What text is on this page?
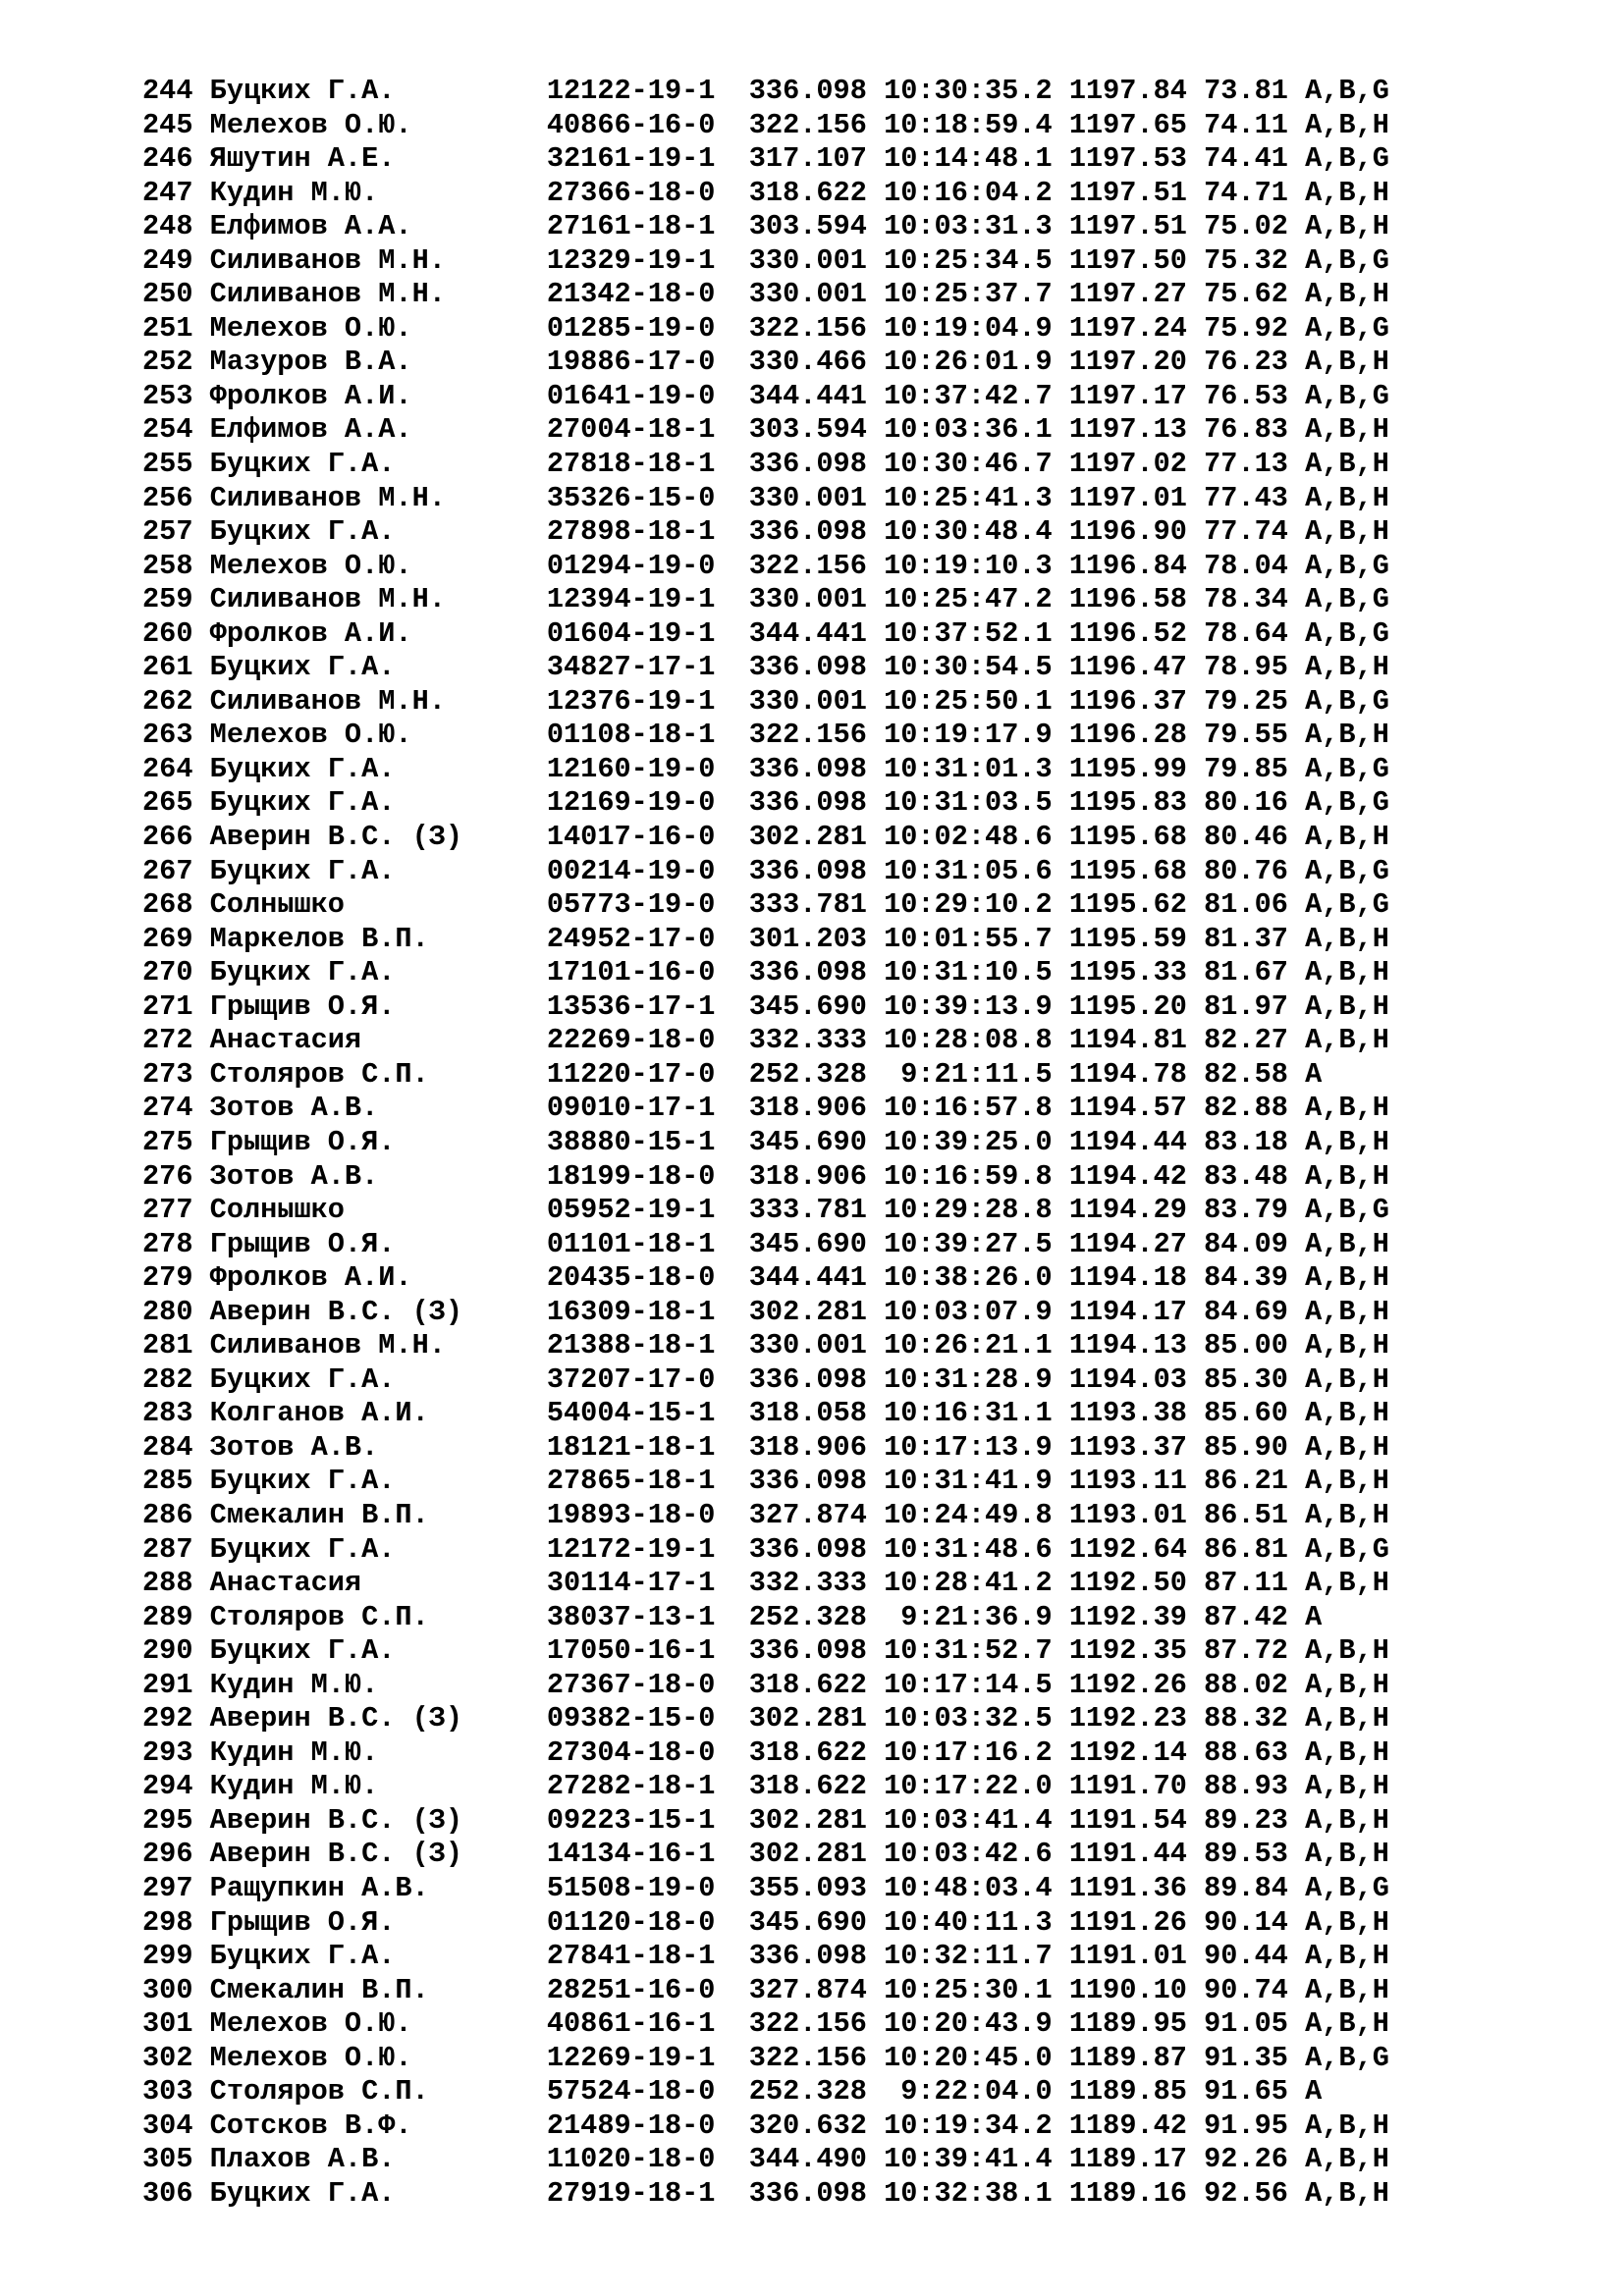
244 Буцких Г.А.	12122-19-1 336.098 10:30:35.2 1197.84 73.81 A,B,G
245 Мелехов О.Ю.	40866-16-0 322.156 10:18:59.4 1197.65 74.11 A,B,H
246 Яшутин А.Е.	32161-19-1 317.107 10:14:48.1 1197.53 74.41 A,B,G
247 Кудин М.Ю.	27366-18-0 318.622 10:16:04.2 1197.51 74.71 A,B,H
248 Елфимов А.А.	27161-18-1 303.594 10:03:31.3 1197.51 75.02 A,B,H
249 Силиванов М.Н.	12329-19-1 330.001 10:25:34.5 1197.50 75.32 A,B,G
250 Силиванов М.Н.	21342-18-0 330.001 10:25:37.7 1197.27 75.62 A,B,H
251 Мелехов О.Ю.	01285-19-0 322.156 10:19:04.9 1197.24 75.92 A,B,G
252 Мазуров В.А.	19886-17-0 330.466 10:26:01.9 1197.20 76.23 A,B,H
253 Фролков А.И.	01641-19-0 344.441 10:37:42.7 1197.17 76.53 A,B,G
254 Елфимов А.А.	27004-18-1 303.594 10:03:36.1 1197.13 76.83 A,B,H
255 Буцких Г.А.	27818-18-1 336.098 10:30:46.7 1197.02 77.13 A,B,H
256 Силиванов М.Н.	35326-15-0 330.001 10:25:41.3 1197.01 77.43 A,B,H
257 Буцких Г.А.	27898-18-1 336.098 10:30:48.4 1196.90 77.74 A,B,H
258 Мелехов О.Ю.	01294-19-0 322.156 10:19:10.3 1196.84 78.04 A,B,G
259 Силиванов М.Н.	12394-19-1 330.001 10:25:47.2 1196.58 78.34 A,B,G
260 Фролков А.И.	01604-19-1 344.441 10:37:52.1 1196.52 78.64 A,B,G
261 Буцких Г.А.	34827-17-1 336.098 10:30:54.5 1196.47 78.95 A,B,H
262 Силиванов М.Н.	12376-19-1 330.001 10:25:50.1 1196.37 79.25 A,B,G
263 Мелехов О.Ю.	01108-18-1 322.156 10:19:17.9 1196.28 79.55 A,B,H
264 Буцких Г.А.	12160-19-0 336.098 10:31:01.3 1195.99 79.85 A,B,G
265 Буцких Г.А.	12169-19-0 336.098 10:31:03.5 1195.83 80.16 A,B,G
266 Аверин В.С. (З)	14017-16-0 302.281 10:02:48.6 1195.68 80.46 A,B,H
267 Буцких Г.А.	00214-19-0 336.098 10:31:05.6 1195.68 80.76 A,B,G
268 Солнышко	05773-19-0 333.781 10:29:10.2 1195.62 81.06 A,B,G
269 Маркелов В.П.	24952-17-0 301.203 10:01:55.7 1195.59 81.37 A,B,H
270 Буцких Г.А.	17101-16-0 336.098 10:31:10.5 1195.33 81.67 A,B,H
271 Грыщив О.Я.	13536-17-1 345.690 10:39:13.9 1195.20 81.97 A,B,H
272 Анастасия	22269-18-0 332.333 10:28:08.8 1194.81 82.27 A,B,H
273 Столяров С.П.	11220-17-0 252.328  9:21:11.5 1194.78 82.58 A
274 Зотов А.В.	09010-17-1 318.906 10:16:57.8 1194.57 82.88 A,B,H
275 Грыщив О.Я.	38880-15-1 345.690 10:39:25.0 1194.44 83.18 A,B,H
276 Зотов А.В.	18199-18-0 318.906 10:16:59.8 1194.42 83.48 A,B,H
277 Солнышко	05952-19-1 333.781 10:29:28.8 1194.29 83.79 A,B,G
278 Грыщив О.Я.	01101-18-1 345.690 10:39:27.5 1194.27 84.09 A,B,H
279 Фролков А.И.	20435-18-0 344.441 10:38:26.0 1194.18 84.39 A,B,H
280 Аверин В.С. (З)	16309-18-1 302.281 10:03:07.9 1194.17 84.69 A,B,H
281 Силиванов М.Н.	21388-18-1 330.001 10:26:21.1 1194.13 85.00 A,B,H
282 Буцких Г.А.	37207-17-0 336.098 10:31:28.9 1194.03 85.30 A,B,H
283 Колганов А.И.	54004-15-1 318.058 10:16:31.1 1193.38 85.60 A,B,H
284 Зотов А.В.	18121-18-1 318.906 10:17:13.9 1193.37 85.90 A,B,H
285 Буцких Г.А.	27865-18-1 336.098 10:31:41.9 1193.11 86.21 A,B,H
286 Смекалин В.П.	19893-18-0 327.874 10:24:49.8 1193.01 86.51 A,B,H
287 Буцких Г.А.	12172-19-1 336.098 10:31:48.6 1192.64 86.81 A,B,G
288 Анастасия	30114-17-1 332.333 10:28:41.2 1192.50 87.11 A,B,H
289 Столяров С.П.	38037-13-1 252.328  9:21:36.9 1192.39 87.42 A
290 Буцких Г.А.	17050-16-1 336.098 10:31:52.7 1192.35 87.72 A,B,H
291 Кудин М.Ю.	27367-18-0 318.622 10:17:14.5 1192.26 88.02 A,B,H
292 Аверин В.С. (З)	09382-15-0 302.281 10:03:32.5 1192.23 88.32 A,B,H
293 Кудин М.Ю.	27304-18-0 318.622 10:17:16.2 1192.14 88.63 A,B,H
294 Кудин М.Ю.	27282-18-1 318.622 10:17:22.0 1191.70 88.93 A,B,H
295 Аверин В.С. (З)	09223-15-1 302.281 10:03:41.4 1191.54 89.23 A,B,H
296 Аверин В.С. (З)	14134-16-1 302.281 10:03:42.6 1191.44 89.53 A,B,H
297 Ращупкин А.В.	51508-19-0 355.093 10:48:03.4 1191.36 89.84 A,B,G
298 Грыщив О.Я.	01120-18-0 345.690 10:40:11.3 1191.26 90.14 A,B,H
299 Буцких Г.А.	27841-18-1 336.098 10:32:11.7 1191.01 90.44 A,B,H
300 Смекалин В.П.	28251-16-0 327.874 10:25:30.1 1190.10 90.74 A,B,H
301 Мелехов О.Ю.	40861-16-1 322.156 10:20:43.9 1189.95 91.05 A,B,H
302 Мелехов О.Ю.	12269-19-1 322.156 10:20:45.0 1189.87 91.35 A,B,G
303 Столяров С.П.	57524-18-0 252.328  9:22:04.0 1189.85 91.65 A
304 Сотсков В.Ф.	21489-18-0 320.632 10:19:34.2 1189.42 91.95 A,B,H
305 Плахов А.В.	11020-18-0 344.490 10:39:41.4 1189.17 92.26 A,B,H
306 Буцких Г.А.	27919-18-1 336.098 10:32:38.1 1189.16 92.56 A,B,H
